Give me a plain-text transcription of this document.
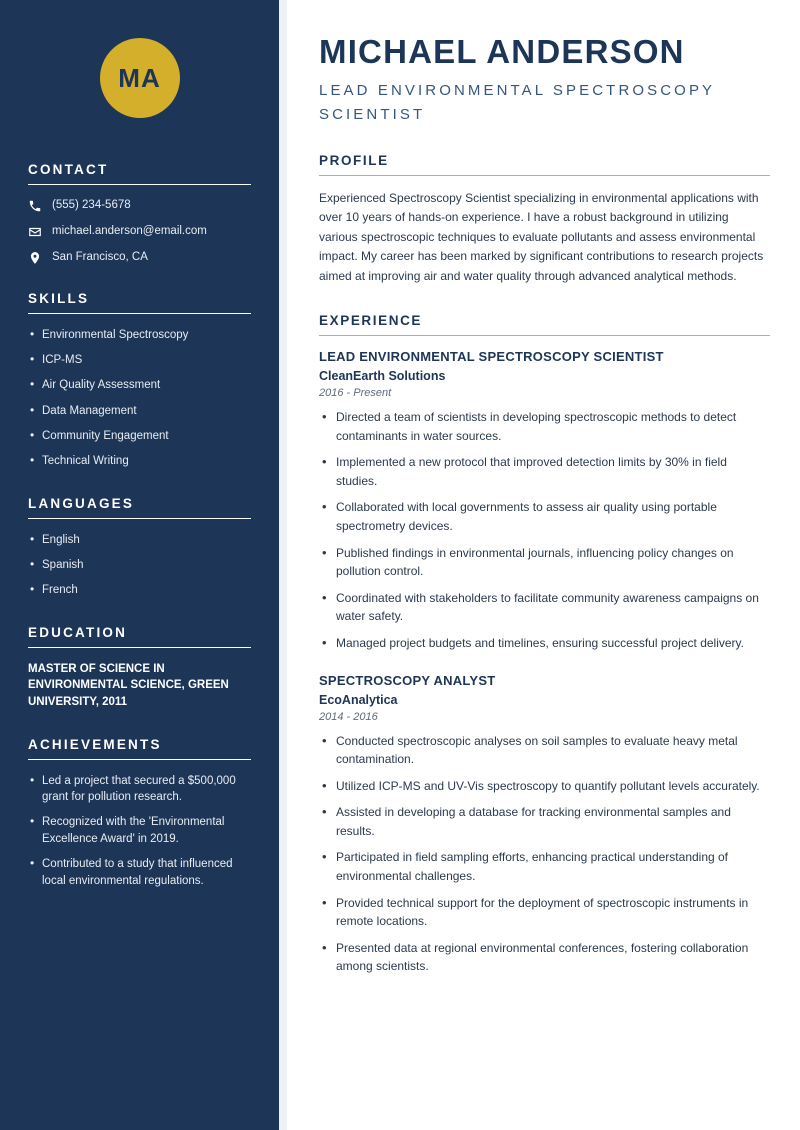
MA
CONTACT
(555) 234-5678
michael.anderson@email.com
San Francisco, CA
SKILLS
• Environmental Spectroscopy
• ICP-MS
• Air Quality Assessment
• Data Management
• Community Engagement
• Technical Writing
LANGUAGES
• English
• Spanish
• French
EDUCATION
MASTER OF SCIENCE IN ENVIRONMENTAL SCIENCE, GREEN UNIVERSITY, 2011
ACHIEVEMENTS
• Led a project that secured a $500,000 grant for pollution research.
• Recognized with the 'Environmental Excellence Award' in 2019.
• Contributed to a study that influenced local environmental regulations.
MICHAEL ANDERSON
LEAD ENVIRONMENTAL SPECTROSCOPY SCIENTIST
PROFILE

Experienced Spectroscopy Scientist specializing in environmental applications with over 10 years of hands-on experience. I have a robust background in utilizing various spectroscopic techniques to evaluate pollutants and assess environmental impact. My career has been marked by significant contributions to research projects aimed at improving air and water quality through advanced analytical methods.

EXPERIENCE
LEAD ENVIRONMENTAL SPECTROSCOPY SCIENTIST
CleanEarth Solutions
2016 - Present
• Directed a team of scientists in developing spectroscopic methods to detect contaminants in water sources.
• Implemented a new protocol that improved detection limits by 30% in field studies.
• Collaborated with local governments to assess air quality using portable spectrometry devices.
• Published findings in environmental journals, influencing policy changes on pollution control.
• Coordinated with stakeholders to facilitate community awareness campaigns on water safety.
• Managed project budgets and timelines, ensuring successful project delivery.
SPECTROSCOPY ANALYST
EcoAnalytica
2014 - 2016
• Conducted spectroscopic analyses on soil samples to evaluate heavy metal contamination.
• Utilized ICP-MS and UV-Vis spectroscopy to quantify pollutant levels accurately.
• Assisted in developing a database for tracking environmental samples and results.
• Participated in field sampling efforts, enhancing practical understanding of environmental challenges.
• Provided technical support for the deployment of spectroscopic instruments in remote locations.
• Presented data at regional environmental conferences, fostering collaboration among scientists.
